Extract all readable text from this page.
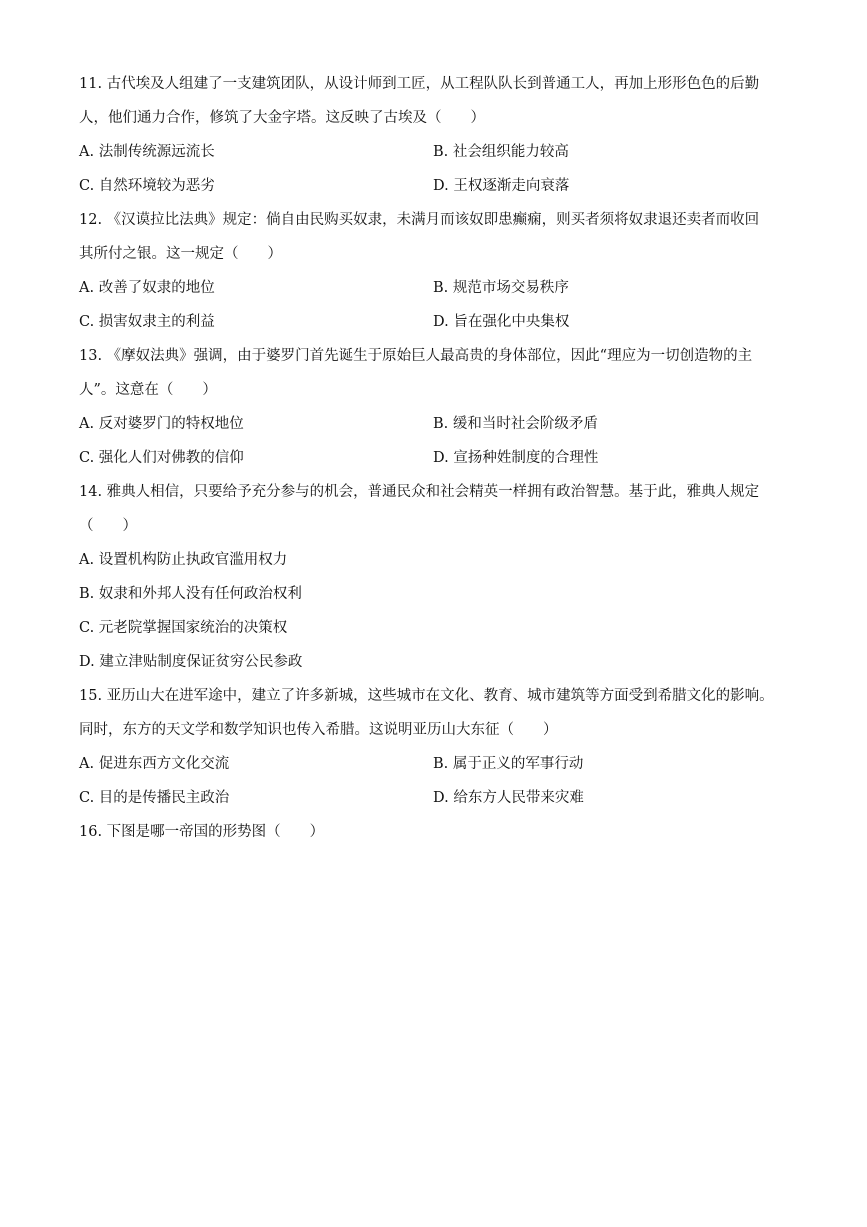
11. 古代埃及人组建了一支建筑团队，从设计师到工匠，从工程队队长到普通工人，再加上形形色色的后勤
人，他们通力合作，修筑了大金字塔。这反映了古埃及（　　）
A. 法制传统源远流长	B. 社会组织能力较高
C. 自然环境较为恶劣	D. 王权逐渐走向衰落
12. 《汉谟拉比法典》规定：倘自由民购买奴隶，未满月而该奴即患癫痫，则买者须将奴隶退还卖者而收回
其所付之银。这一规定（　　）
A. 改善了奴隶的地位	B. 规范市场交易秩序
C. 损害奴隶主的利益	D. 旨在强化中央集权
13. 《摩奴法典》强调，由于婆罗门首先诞生于原始巨人最高贵的身体部位，因此“理应为一切创造物的主
人”。这意在（　　）
A. 反对婆罗门的特权地位	B. 缓和当时社会阶级矛盾
C. 强化人们对佛教的信仰	D. 宣扬种姓制度的合理性
14. 雅典人相信，只要给予充分参与的机会，普通民众和社会精英一样拥有政治智慧。基于此，雅典人规定
（　　）
A. 设置机构防止执政官滥用权力
B. 奴隶和外邦人没有任何政治权利
C. 元老院掌握国家统治的决策权
D. 建立津贴制度保证贫穷公民参政
15. 亚历山大在进军途中，建立了许多新城，这些城市在文化、教育、城市建筑等方面受到希腊文化的影响。
同时，东方的天文学和数学知识也传入希腊。这说明亚历山大东征（　　）
A. 促进东西方文化交流	B. 属于正义的军事行动
C. 目的是传播民主政治	D. 给东方人民带来灾难
16. 下图是哪一帝国的形势图（　　）
